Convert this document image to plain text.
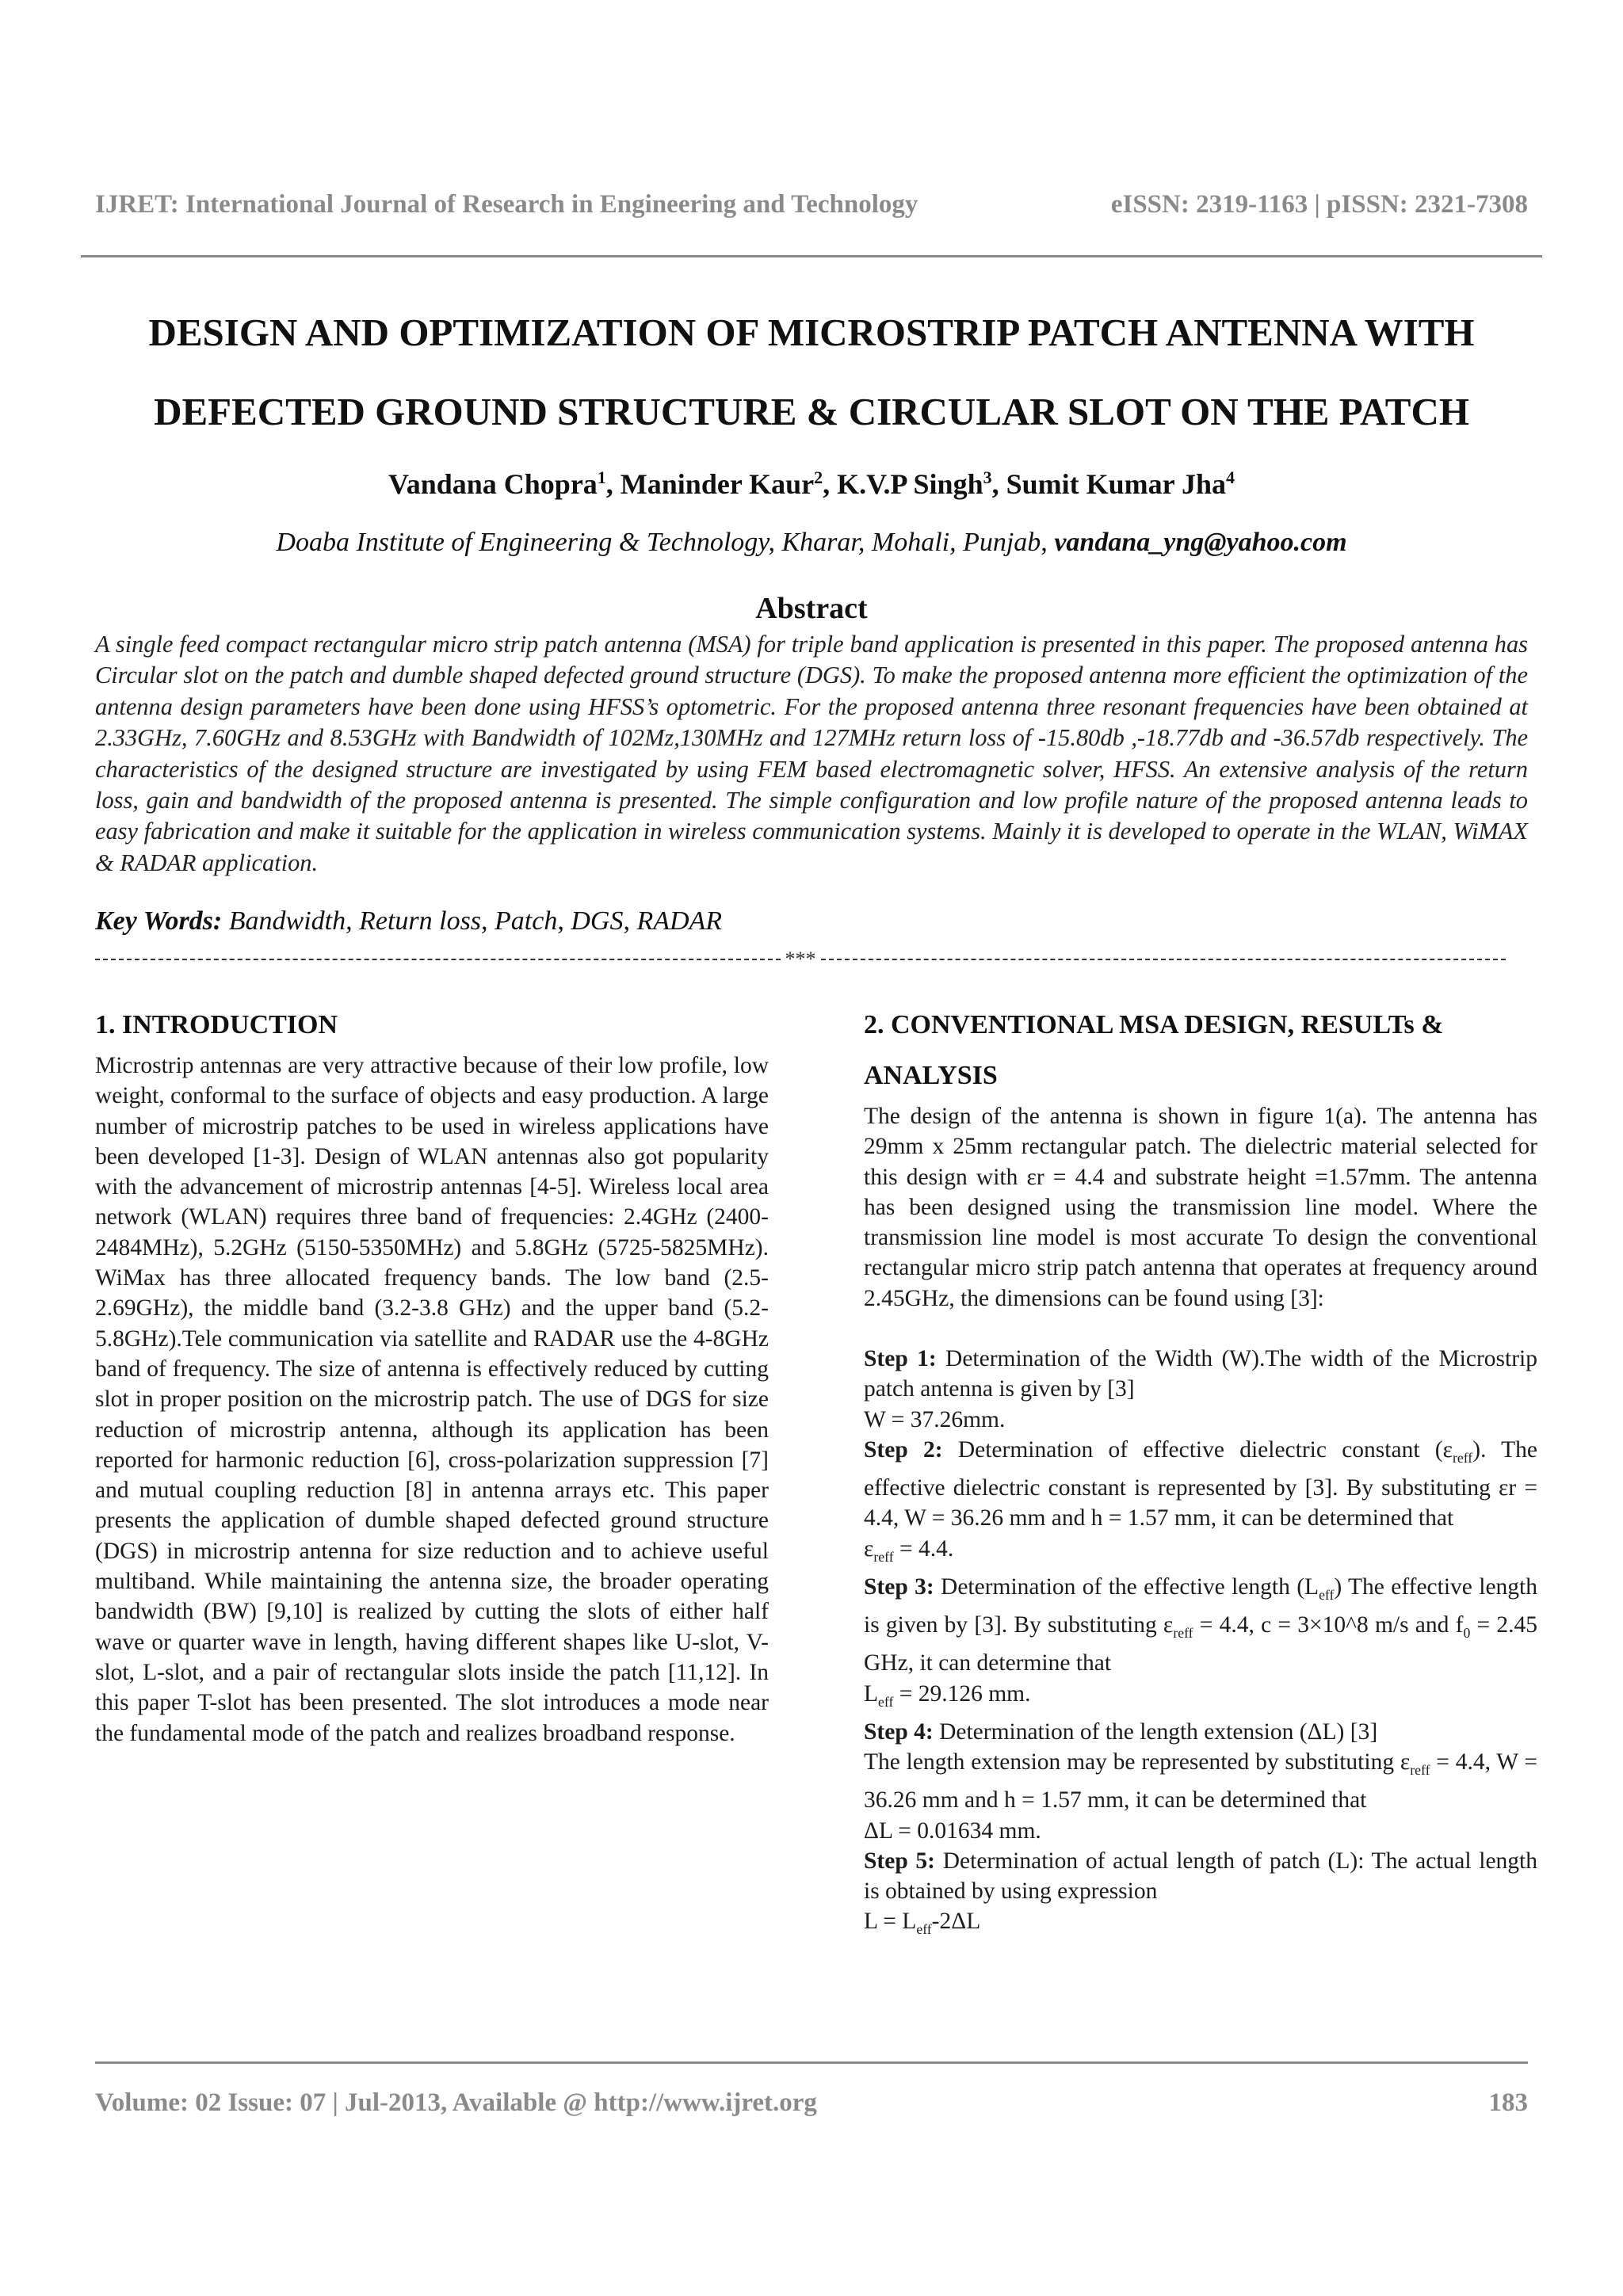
IJRET: International Journal of Research in Engineering and Technology	eISSN: 2319-1163 | pISSN: 2321-7308
DESIGN AND OPTIMIZATION OF MICROSTRIP PATCH ANTENNA WITH
DEFECTED GROUND STRUCTURE & CIRCULAR SLOT ON THE PATCH
Vandana Chopra$^1$, Maninder Kaur$^2$, K.V.P Singh$^3$, Sumit Kumar Jha$^4$
Doaba Institute of Engineering & Technology, Kharar, Mohali, Punjab, vandana_yng@yahoo.com
Abstract
A single feed compact rectangular micro strip patch antenna (MSA) for triple band application is presented in this paper. The proposed antenna has Circular slot on the patch and dumble shaped defected ground structure (DGS). To make the proposed antenna more efficient the optimization of the antenna design parameters have been done using HFSS’s optometric. For the proposed antenna three resonant frequencies have been obtained at 2.33GHz, 7.60GHz and 8.53GHz with Bandwidth of 102Mz,130MHz and 127MHz return loss of -15.80db ,-18.77db and -36.57db respectively. The characteristics of the designed structure are investigated by using FEM based electromagnetic solver, HFSS. An extensive analysis of the return loss, gain and bandwidth of the proposed antenna is presented. The simple configuration and low profile nature of the proposed antenna leads to easy fabrication and make it suitable for the application in wireless communication systems. Mainly it is developed to operate in the WLAN, WiMAX & RADAR application.
Key Words: Bandwidth, Return loss, Patch, DGS, RADAR
***
1. INTRODUCTION

Microstrip antennas are very attractive because of their low profile, low weight, conformal to the surface of objects and easy production. A large number of microstrip patches to be used in wireless applications have been developed [1-3]. Design of WLAN antennas also got popularity with the advancement of microstrip antennas [4-5]. Wireless local area network (WLAN) requires three band of frequencies: 2.4GHz (2400-2484MHz), 5.2GHz (5150-5350MHz) and 5.8GHz (5725-5825MHz). WiMax has three allocated frequency bands. The low band (2.5-2.69GHz), the middle band (3.2-3.8 GHz) and the upper band (5.2-5.8GHz).Tele communication via satellite and RADAR use the 4-8GHz band of frequency. The size of antenna is effectively reduced by cutting slot in proper position on the microstrip patch. The use of DGS for size reduction of microstrip antenna, although its application has been reported for harmonic reduction [6], cross-polarization suppression [7] and mutual coupling reduction [8] in antenna arrays etc. This paper presents the application of dumble shaped defected ground structure (DGS) in microstrip antenna for size reduction and to achieve useful multiband. While maintaining the antenna size, the broader operating bandwidth (BW) [9,10] is realized by cutting the slots of either half wave or quarter wave in length, having different shapes like U-slot, V-slot, L-slot, and a pair of rectangular slots inside the patch [11,12]. In this paper T-slot has been presented. The slot introduces a mode near the fundamental mode of the patch and realizes broadband response.

2. CONVENTIONAL MSA DESIGN, RESULTs &
ANALYSIS

The design of the antenna is shown in figure 1(a). The antenna has 29mm x 25mm rectangular patch. The dielectric material selected for this design with εr = 4.4 and substrate height =1.57mm. The antenna has been designed using the transmission line model. Where the transmission line model is most accurate To design the conventional rectangular micro strip patch antenna that operates at frequency around 2.45GHz, the dimensions can be found using [3]:

Step 1: Determination of the Width (W).The width of the Microstrip patch antenna is given by [3]

W = 37.26mm.

Step 2: Determination of effective dielectric constant $(\varepsilon_{reff})$. The effective dielectric constant is represented by [3]. By substituting εr = 4.4, W = 36.26 mm and h = 1.57 mm, it can be determined that

$\varepsilon_{reff} = 4.4$.

Step 3: Determination of the effective length $(L_{eff})$ The effective length is given by [3]. By substituting $\varepsilon_{reff} = 4.4$, c = 3×10^8 m/s and $f_0 = 2.45$ GHz, it can determine that

$L_{eff} = 29.126$ mm.

Step 4: Determination of the length extension (ΔL) [3]

The length extension may be represented by substituting $\varepsilon_{reff} = 4.4$, W = 36.26 mm and h = 1.57 mm, it can be determined that

ΔL = 0.01634 mm.

Step 5: Determination of actual length of patch (L): The actual length is obtained by using expression

$L = L_{eff}-2\Delta L$

Volume: 02 Issue: 07 | Jul-2013, Available @ http://www.ijret.org	183
